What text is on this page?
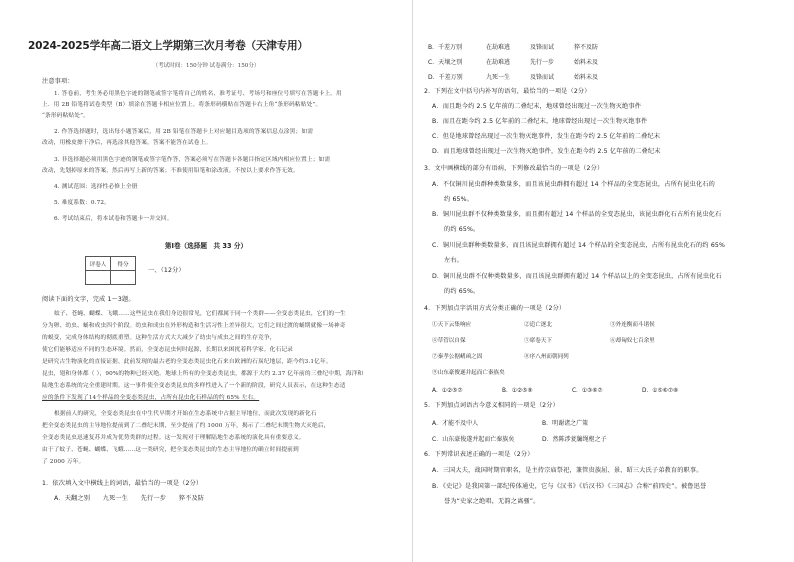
2024-2025学年高二语文上学期第三次月考卷（天津专用）
（考试时间：150分钟 试卷满分：150分）
注意事项：
1. 答卷前，考生务必用黑色字迹的钢笔或签字笔将自己的姓名、准考证号、考场号和座位号填写在答题卡上。用
上．用 2B 铅笔将试卷类型（B）填涂在答题卡相应位置上。将条形码横贴在答题卡右上角“条形码粘贴处”。
“条形码粘贴处”。
2. 作答选择题时，选出每小题答案后，用 2B 铅笔在答题卡上对应题目选项的答案信息点涂黑；如需
改动，用橡皮擦干净后，再选涂其他答案。答案不能答在试卷上。
3. 非选择题必须用黑色字迹的钢笔或签字笔作答，答案必须写在答题卡各题目指定区域内相应位置上；如需
改动，先划掉原来的答案，然后再写上新的答案；不准使用铅笔和涂改液。不按以上要求作答无效。
4. 测试范围：选择性必修上全册
5. 难度系数：0.72。
6. 考试结束后，将本试卷和答题卡一并交回。
第Ⅰ卷（选择题　共 33 分）
评卷人	得分

一、（12分）
阅读下面的文字，完成 1～3题。
蚊子、苍蝇、蝴蝶、飞蛾……这些昆虫在我们身边很常见，它们都属于同一个类群——全变态类昆虫，它们的一生
分为卵、幼虫、蛹和成虫四个阶段。幼虫和成虫在外形构造和生活习性上差异很大，它们之间过渡的蛹期就像一场神奇
的蜕变，完成身体结构的彻底重塑。这种生活方式大大减少了幼虫与成虫之间的生存竞争，
使它们能够适应不同的生态环境。然而，全变态昆虫何时起源，长期以来困扰着科学家。化石记录
是研究古生物演化的直接证据。此前发现的最古老的全变态类昆虫化石来自欧洲的石炭纪地层，距今约3.1亿年。
昆虫，翅和身体都（ ），90%的物种已经灭绝。地球上所有的全变态类昆虫，都源于大约 2.37 亿年前的三叠纪中期，海洋和
陆地生态系统的完全重建时期。这一事件使全变态类昆虫的多样性进入了一个新的阶段，研究人员表示，在这种生态适
应的条件下发现了14个样品的全变态类昆虫，占所有昆虫化石样品的约 65% 左右。
根据前人的研究，全变态类昆虫在中生代早期才开始在生态系统中占据主导地位，而此次发现的新化石
把全变态类昆虫的主导地位提前到了二叠纪末期，至少提前了约 1000 万年，揭示了二叠纪末期生物大灭绝后，
全变态类昆虫迅速复苏并成为优势类群的过程。这一发现对于理解陆地生态系统的演化具有重要意义。
由于了蚊子、苍蝇、蝴蝶、飞蛾……这一类研究，把全变态类昆虫的生态主导地位的确立时间提前到
了 2000 万年。
1．依次填入文中横线上的词语，最恰当的一项是（2分）
A．天翻之别　　九死一生　　先行一步　　猝不及防
B．千差万别	在劫难逃	及锋而试	猝不及防
C．天壤之别	在劫难逃	先行一步	始料未及
D．千差万别	九死一生	及锋而试	始料未及
2．下列在文中括号内补写的语句，最恰当的一项是（2分）
A．而且距今约 2.5 亿年前的二叠纪末，地球曾经出现过一次生物灭绝事件
B．而且在距今约 2.5 亿年前的二叠纪末，地球曾经出现过一次生物灭绝事件
C．但是地球曾经出现过一次生物灭绝事件，发生在距今约 2.5 亿年前的二叠纪末
D．而且地球曾经出现过一次生物灭绝事件，发生在距今约 2.5 亿年前的二叠纪末
3．文中画横线的部分有语病，下列修改最恰当的一项是（2分）
A．不仅铜川昆虫群种类数量多，而且该昆虫群拥有超过 14 个样品的全变态昆虫，占所有昆虫化石的
约 65%。
B．铜川昆虫群不仅种类数量多，而且拥有超过 14 个样品的全变态昆虫，该昆虫群化石占所有昆虫化石
的约 65%。
C．铜川昆虫群种类数量多，而且该昆虫群拥有超过 14 个样品的全变态昆虫，占所有昆虫化石的约 65%
左右。
D．铜川昆虫群不仅种类数量多，而且该昆虫群拥有超过 14 个样品以上的全变态昆虫，占所有昆虫化石
的约 65%。
4．下列加点字活用方式分类正确的一项是（2分）
①天下云集响应	②追亡逐北	③外连衡而斗诸侯
④草管以自保	⑤席卷天下	⑥却匈奴七百余里
⑦秦孝公据崤函之固	⑧序八州而朝同列
⑨山东豪俊遂并起而亡秦族矣
A．①②⑤⑦	B．①②⑤⑨	C．①③⑥⑦	D．①⑤⑥⑦⑧
5．下列加点词语古今意义相同的一项是（2分）
A．才能不及中人	B．明谢诸之广策
C．山东豪俊遂并起而亡秦族矣	D．然陈涉瓮牖绳枢之子
6．下列常识表述正确的一项是（2分）
A．三国大夫，战国时期官职名，是主持宗庙祭祀，兼管贵族屈、景、昭三大氏子弟教育的职事。
B．《史记》是我国第一部纪传体通史，它与《汉书》《后汉书》《三国志》合称“前四史”。被鲁迅誉
誉为“史家之绝唱，无韵之离骚”。
